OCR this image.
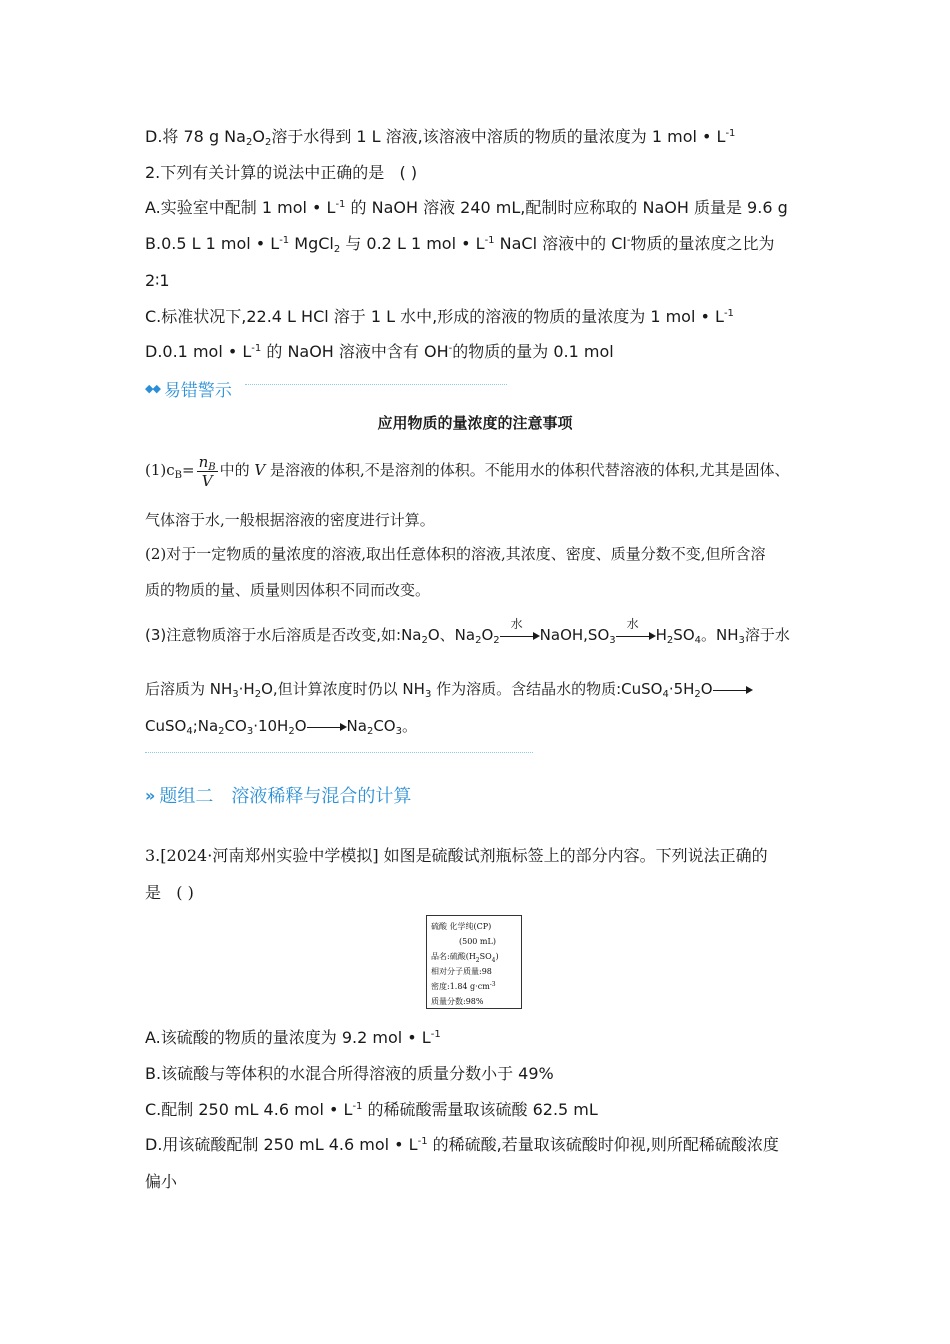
D.将 78 g $Na_2O_2$溶于水得到 1 L 溶液,该溶液中溶质的物质的量浓度为 1 mol • $L^{-1}$
2.下列有关计算的说法中正确的是 ( )
A.实验室中配制 1 mol • $L^{-1}$ 的 NaOH 溶液 240 mL,配制时应称取的 NaOH 质量是 9.6 g
B.0.5 L 1 mol • $L^{-1}$ MgCl$_2$ 与 0.2 L 1 mol • $L^{-1}$ NaCl 溶液中的 Cl-物质的量浓度之比为
2∶1
C.标准状况下,22.4 L HCl 溶于 1 L 水中,形成的溶液的物质的量浓度为 1 mol • $L^{-1}$
D.0.1 mol • $L^{-1}$ 的 NaOH 溶液中含有 OH-的物质的量为 0.1 mol
◆◆ 易错警示
应用物质的量浓度的注意事项
$(1)c_B= \frac{n_B}{V}$ 中的 V 是溶液的体积,不是溶剂的体积。不能用水的体积代替溶液的体积,尤其是固体、
气体溶于水,一般根据溶液的密度进行计算。
(2)对于一定物质的量浓度的溶液,取出任意体积的溶液,其浓度、密度、质量分数不变,但所含溶
质的物质的量、质量则因体积不同而改变。
(3)注意物质溶于水后溶质是否改变,如$:Na_2O$、$Na_2O_2$
水
$NaOH,SO_3$
水
$H_2SO_4$。$NH_3$溶于水
后溶质为 $NH_3\cdot H_2O$,但计算浓度时仍以 $NH_3$ 作为溶质。含结晶水的物质$:CuSO_4\cdot 5H_2O$
$CuSO_4;Na_2CO_3\cdot 10H_2O$	$Na_2CO_3$。
» 题组二 溶液稀释与混合的计算
3.[2024·河南郑州实验中学模拟] 如图是硫酸试剂瓶标签上的部分内容。下列说法正确的
是 ( )
硫酸 化学纯(CP)
(500 mL)
品名:硫酸$(H_2SO_4)$
相对分子质量:98
密度:1.84 $g\cdot cm^{-3}$
质量分数:98%
A.该硫酸的物质的量浓度为 9.2 mol • $L^{-1}$
B.该硫酸与等体积的水混合所得溶液的质量分数小于 49%
C.配制 250 mL 4.6 mol • $L^{-1}$ 的稀硫酸需量取该硫酸 62.5 mL
D.用该硫酸配制 250 mL 4.6 mol • $L^{-1}$ 的稀硫酸,若量取该硫酸时仰视,则所配稀硫酸浓度
偏小
